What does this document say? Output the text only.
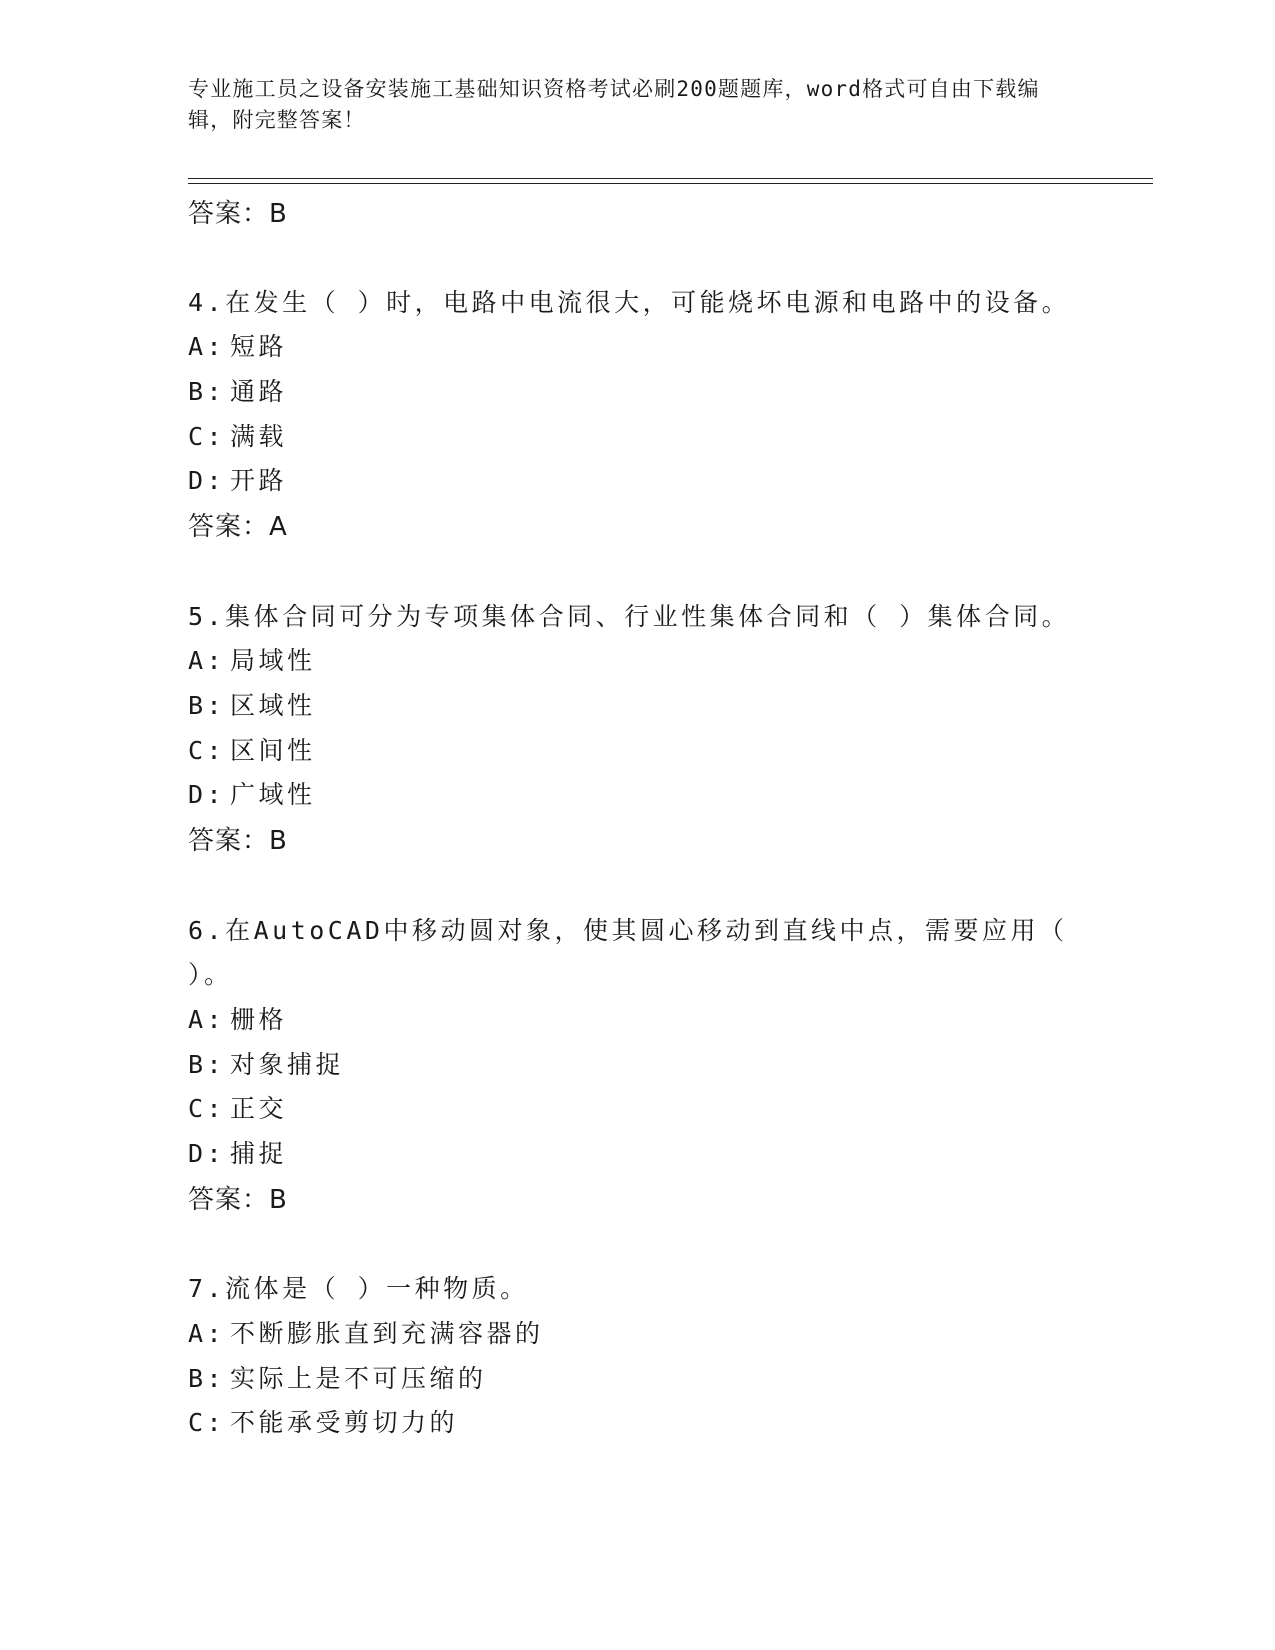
专业施工员之设备安装施工基础知识资格考试必刷200题题库，word格式可自由下载编辑，附完整答案！
答案：B
4.在发生（ ）时，电路中电流很大，可能烧坏电源和电路中的设备。
A: 短路
B: 通路
C: 满载
D: 开路
答案：A
5.集体合同可分为专项集体合同、行业性集体合同和（ ）集体合同。
A: 局域性
B: 区域性
C: 区间性
D: 广域性
答案：B
6.在AutoCAD中移动圆对象，使其圆心移动到直线中点，需要应用（
）。
A: 栅格
B: 对象捕捉
C: 正交
D: 捕捉
答案：B
7.流体是（ ）一种物质。
A: 不断膨胀直到充满容器的
B: 实际上是不可压缩的
C: 不能承受剪切力的
